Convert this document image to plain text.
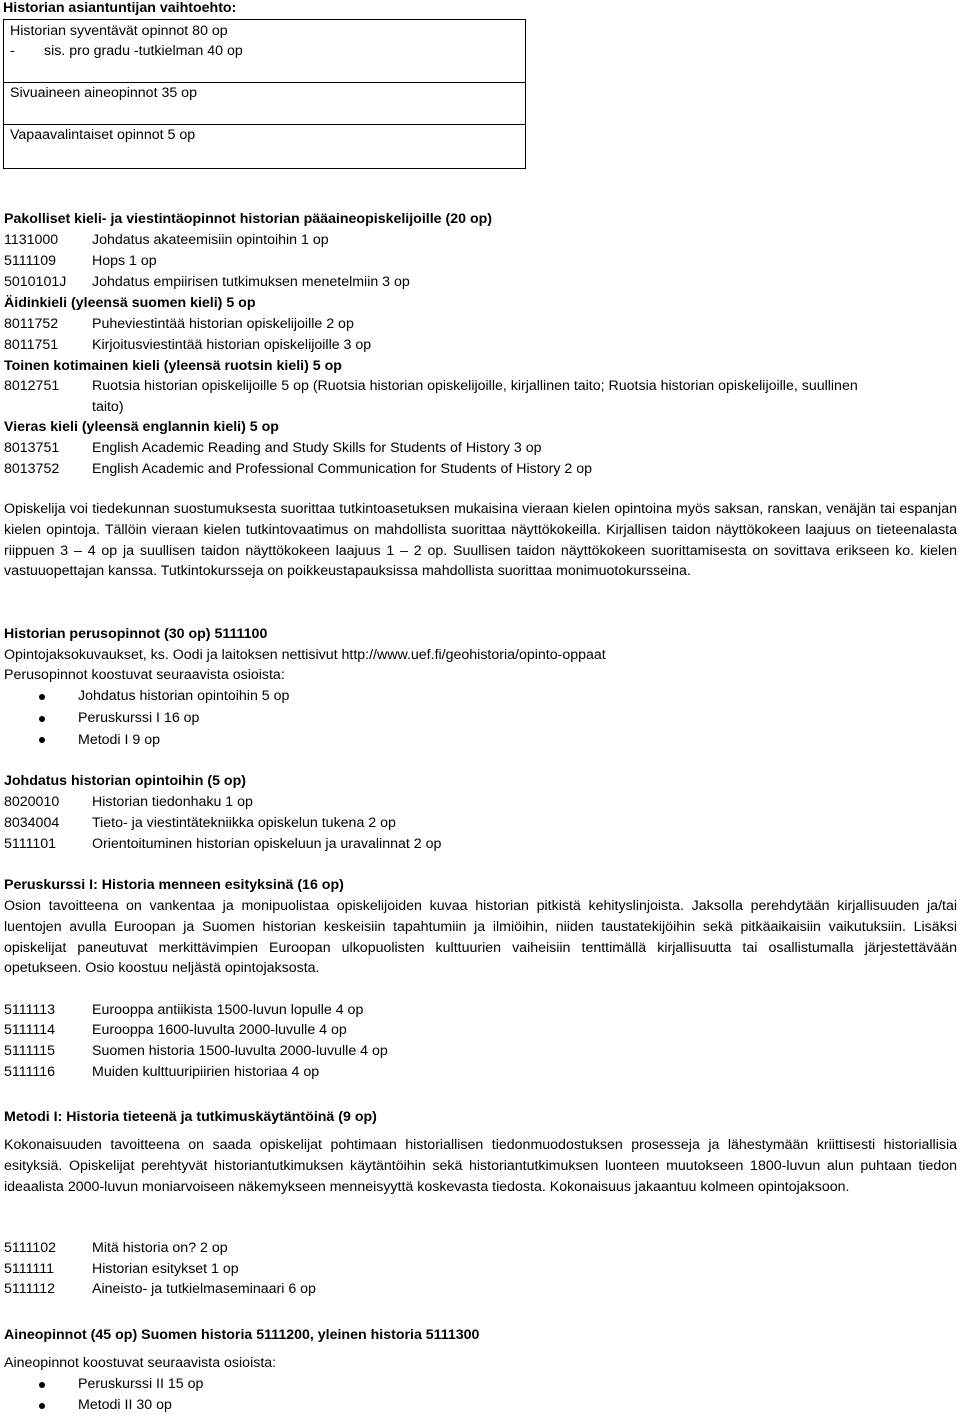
Historian asiantuntijan vaihtoehto:
Historian syventävät opinnot 80 op
- sis. pro gradu -tutkielman 40 op
Sivuaineen aineopinnot 35 op
Vapaavalintaiset opinnot 5 op
Pakolliset kieli- ja viestintäopinnot historian pääaineopiskelijoille (20 op)
1131000 Johdatus akateemisiin opintoihin 1 op
5111109	Hops 1 op
5010101J Johdatus empiirisen tutkimuksen menetelmiin 3 op
Äidinkieli (yleensä suomen kieli) 5 op
8011752 Puheviestintää historian opiskelijoille 2 op
8011751 Kirjoitusviestintää historian opiskelijoille 3 op
Toinen kotimainen kieli (yleensä ruotsin kieli) 5 op
8012751 Ruotsia historian opiskelijoille 5 op (Ruotsia historian opiskelijoille, kirjallinen taito; Ruotsia historian opiskelijoille, suullinen
taito)
Vieras kieli (yleensä englannin kieli) 5 op
8013751 English Academic Reading and Study Skills for Students of History 3 op
8013752 English Academic and Professional Communication for Students of History 2 op
Opiskelija voi tiedekunnan suostumuksesta suorittaa tutkintoasetuksen mukaisina vieraan kielen opintoina myös saksan, ranskan, venäjän tai espanjan kielen opintoja. Tällöin vieraan kielen tutkintovaatimus on mahdollista suorittaa näyttökokeilla. Kirjallisen taidon näyttökokeen laajuus on tieteenalasta riippuen 3 – 4 op ja suullisen taidon näyttökokeen laajuus 1 – 2 op. Suullisen taidon näyttökokeen suorittamisesta on sovittava erikseen ko. kielen vastuuopettajan kanssa. Tutkintokursseja on poikkeustapauksissa mahdollista suorittaa monimuotokursseina.
Historian perusopinnot (30 op) 5111100
Opintojaksokuvaukset, ks. Oodi ja laitoksen nettisivut http://www.uef.fi/geohistoria/opinto-oppaat
Perusopinnot koostuvat seuraavista osioista:
Johdatus historian opintoihin 5 op
Peruskurssi I 16 op
Metodi I 9 op
Johdatus historian opintoihin (5 op)
8020010 Historian tiedonhaku 1 op
8034004 Tieto- ja viestintätekniikka opiskelun tukena 2 op
5111101	Orientoituminen historian opiskeluun ja uravalinnat 2 op
Peruskurssi I: Historia menneen esityksinä (16 op)
Osion tavoitteena on vankentaa ja monipuolistaa opiskelijoiden kuvaa historian pitkistä kehityslinjoista. Jaksolla perehdytään kirjallisuuden ja/tai luentojen avulla Euroopan ja Suomen historian keskeisiin tapahtumiin ja ilmiöihin, niiden taustatekijöihin sekä pitkäaikaisiin vaikutuksiin. Lisäksi opiskelijat paneutuvat merkittävimpien Euroopan ulkopuolisten kulttuurien vaiheisiin tenttimällä kirjallisuutta tai osallistumalla järjestettävään opetukseen. Osio koostuu neljästä opintojaksosta.
5111113	Eurooppa antiikista 1500-luvun lopulle 4 op
5111114	Eurooppa 1600-luvulta 2000-luvulle 4 op
5111115	Suomen historia 1500-luvulta 2000-luvulle 4 op
5111116	Muiden kulttuuripiirien historiaa 4 op
Metodi I: Historia tieteenä ja tutkimuskäytäntöinä (9 op)
Kokonaisuuden tavoitteena on saada opiskelijat pohtimaan historiallisen tiedonmuodostuksen prosesseja ja lähestymään kriittisesti historiallisia esityksiä. Opiskelijat perehtyvät historiantutkimuksen käytäntöihin sekä historiantutkimuksen luonteen muutokseen 1800-luvun alun puhtaan tiedon ideaalista 2000-luvun moniarvoiseen näkemykseen menneisyyttä koskevasta tiedosta. Kokonaisuus jakaantuu kolmeen opintojaksoon.
5111102	Mitä historia on? 2 op
5111111	Historian esitykset 1 op
5111112	Aineisto- ja tutkielmaseminaari 6 op
Aineopinnot (45 op) Suomen historia 5111200, yleinen historia 5111300
Aineopinnot koostuvat seuraavista osioista:
Peruskurssi II 15 op
Metodi II 30 op
